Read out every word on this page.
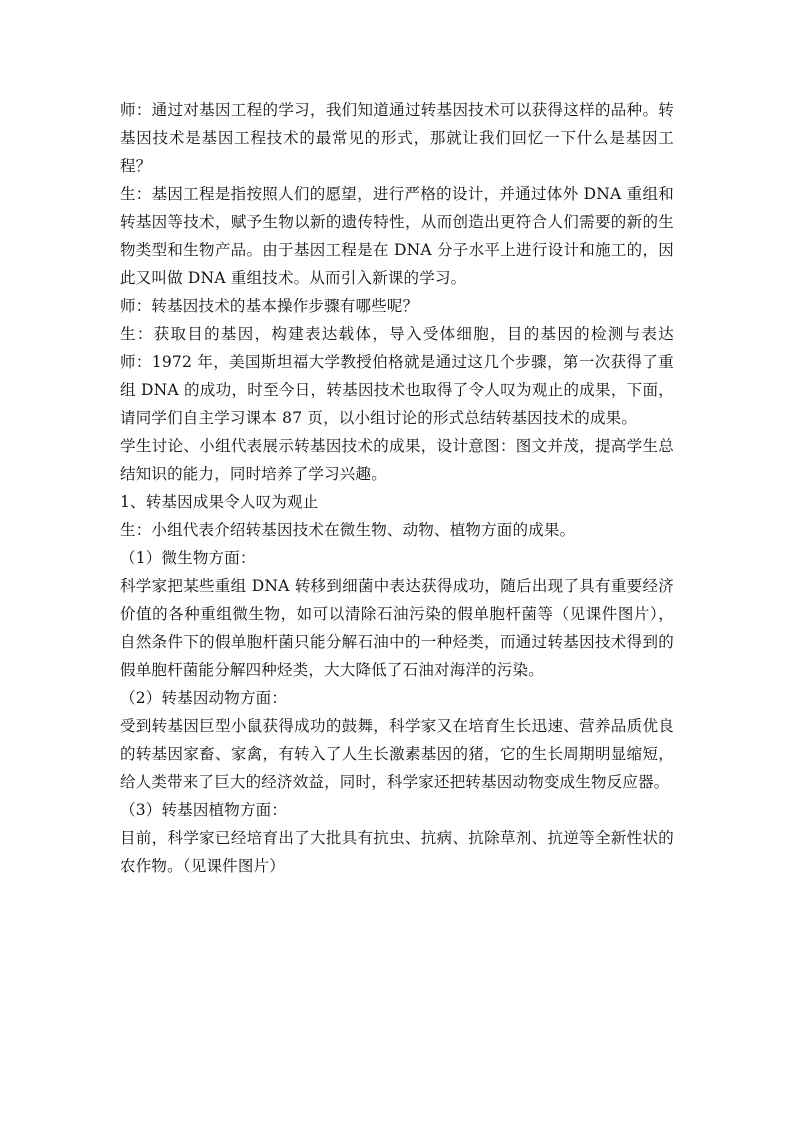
师：通过对基因工程的学习，我们知道通过转基因技术可以获得这样的品种。转基因技术是基因工程技术的最常见的形式，那就让我们回忆一下什么是基因工程？

生：基因工程是指按照人们的愿望，进行严格的设计，并通过体外 DNA 重组和转基因等技术，赋予生物以新的遗传特性，从而创造出更符合人们需要的新的生物类型和生物产品。由于基因工程是在 DNA 分子水平上进行设计和施工的，因此又叫做 DNA 重组技术。从而引入新课的学习。

师：转基因技术的基本操作步骤有哪些呢？

生：获取目的基因，构建表达载体，导入受体细胞，目的基因的检测与表达 师：1972 年，美国斯坦福大学教授伯格就是通过这几个步骤，第一次获得了重组 DNA 的成功，时至今日，转基因技术也取得了令人叹为观止的成果，下面，请同学们自主学习课本 87 页，以小组讨论的形式总结转基因技术的成果。

学生讨论、小组代表展示转基因技术的成果，设计意图：图文并茂，提高学生总结知识的能力，同时培养了学习兴趣。

1、转基因成果令人叹为观止

生：小组代表介绍转基因技术在微生物、动物、植物方面的成果。

（1）微生物方面：

科学家把某些重组 DNA 转移到细菌中表达获得成功，随后出现了具有重要经济价值的各种重组微生物，如可以清除石油污染的假单胞杆菌等（见课件图片），自然条件下的假单胞杆菌只能分解石油中的一种烃类，而通过转基因技术得到的假单胞杆菌能分解四种烃类，大大降低了石油对海洋的污染。

（2）转基因动物方面：

受到转基因巨型小鼠获得成功的鼓舞，科学家又在培育生长迅速、营养品质优良的转基因家畜、家禽，有转入了人生长激素基因的猪，它的生长周期明显缩短，给人类带来了巨大的经济效益，同时，科学家还把转基因动物变成生物反应器。

（3）转基因植物方面：

目前，科学家已经培育出了大批具有抗虫、抗病、抗除草剂、抗逆等全新性状的农作物。（见课件图片）
